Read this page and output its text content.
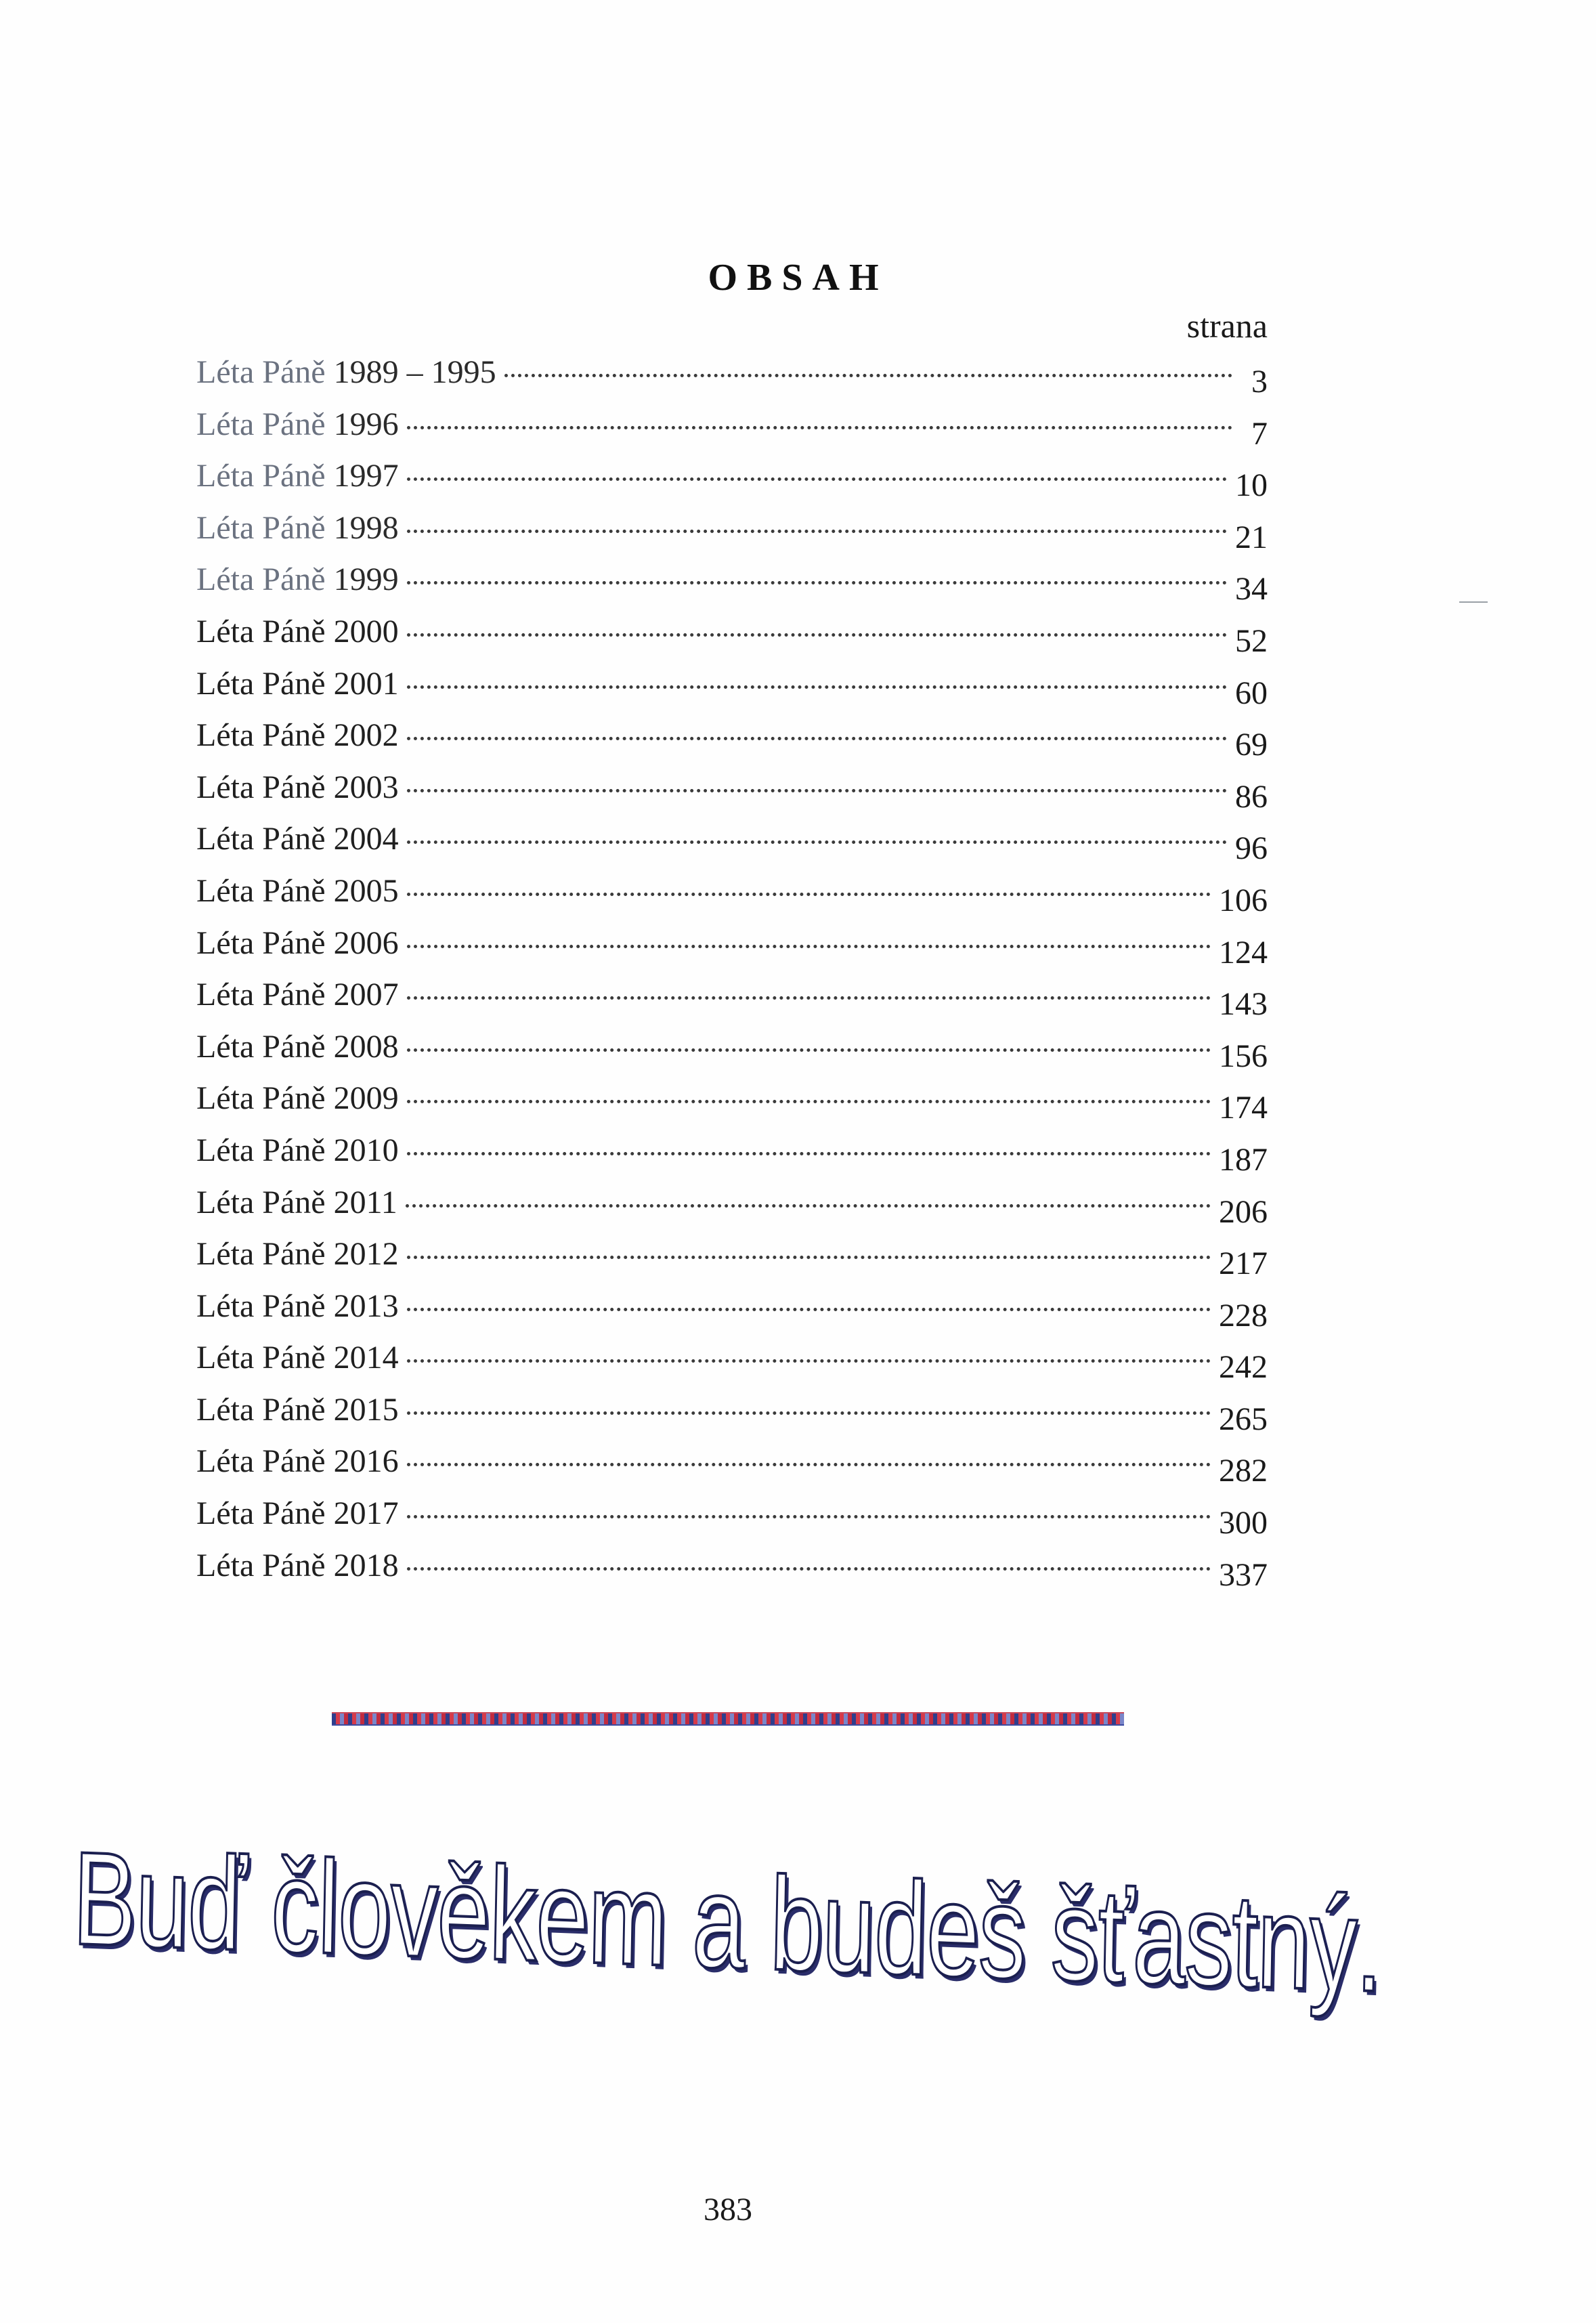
OBSAH
strana
Léta Páně 1989 – 1995	3
Léta Páně 1996	7
Léta Páně 1997	10
Léta Páně 1998	21
Léta Páně 1999	34
Léta Páně 2000	52
Léta Páně 2001	60
Léta Páně 2002	69
Léta Páně 2003	86
Léta Páně 2004	96
Léta Páně 2005	106
Léta Páně 2006	124
Léta Páně 2007	143
Léta Páně 2008	156
Léta Páně 2009	174
Léta Páně 2010	187
Léta Páně 2011	206
Léta Páně 2012	217
Léta Páně 2013	228
Léta Páně 2014	242
Léta Páně 2015	265
Léta Páně 2016	282
Léta Páně 2017	300
Léta Páně 2018	337
Buď člověkem a budeš šťastný.
383
